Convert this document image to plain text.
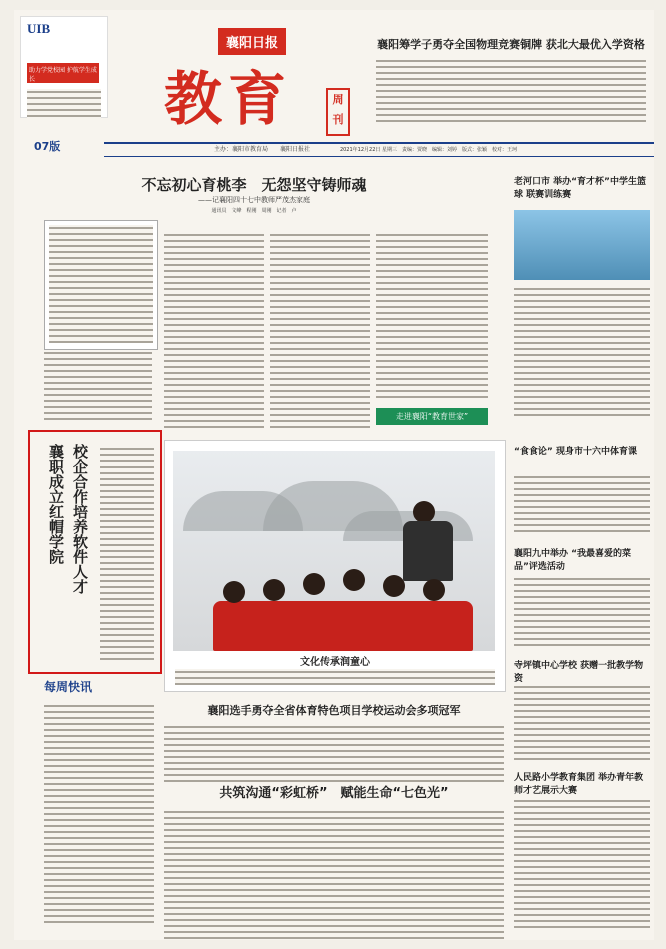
UIB
助力学党校园 护航学生成长
襄阳日报
教育	周刊
襄阳筹学子勇夺全国物理竞赛铜牌 获北大最优入学资格
07版	主办：襄阳市教育局　　襄阳日报社	2021年12月22日 星期三　责编：贾晓　编辑：刘婷　版式：张颖　校对：王珂
不忘初心育桃李　无怨坚守铸师魂
——记襄阳四十七中教师严茂杰家庭
通讯员　文峰　程刚　周刚　记者　卢　
走进襄阳“教育世家”
校企合作培养软件人才
襄职成立红帽学院
文化传承润童心
每周快讯
襄阳选手勇夺全省体育特色项目学校运动会多项冠军
共筑沟通“彩虹桥”　赋能生命“七色光”
老河口市 举办“育才杯”中学生篮球 联赛训练赛
“食食论” 现身市十六中体育课
襄阳九中举办 “我最喜爱的菜品”评选活动
寺坪镇中心学校 获赠一批教学物资
人民路小学教育集团 举办青年教师才艺展示大赛
